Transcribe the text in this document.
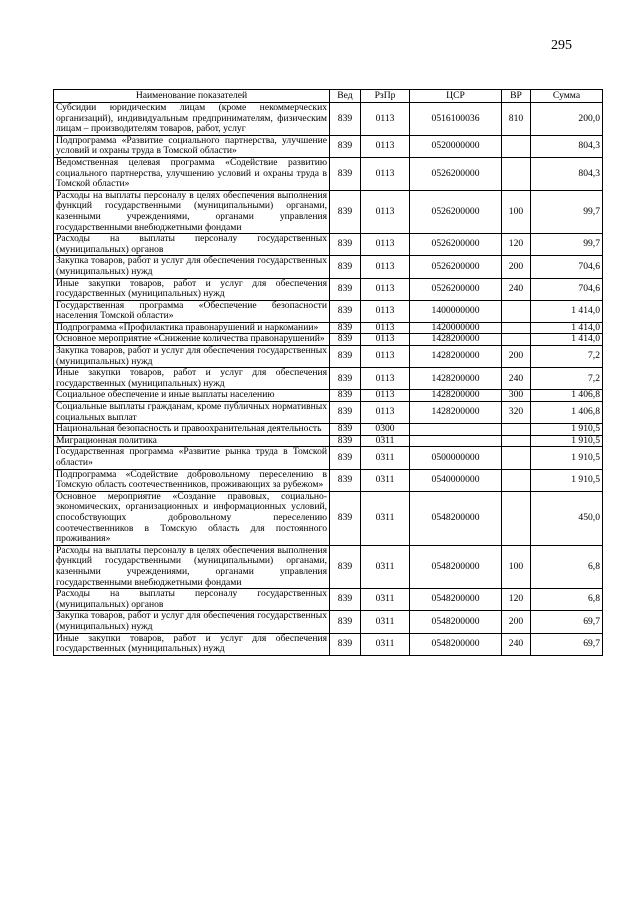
295
Наименование показателей	Вед	РзПр	ЦСР	ВР	Сумма
Субсидии юридическим лицам (кроме некоммерческих организаций), индивидуальным предпринимателям, физическим лицам – производителям товаров, работ, услуг	839	0113	0516100036	810	200,0
Подпрограмма «Развитие социального партнерства, улучшение условий и охраны труда в Томской области»	839	0113	0520000000		804,3
Ведомственная целевая программа «Содействие развитию социального партнерства, улучшению условий и охраны труда в Томской области»	839	0113	0526200000		804,3
Расходы на выплаты персоналу в целях обеспечения выполнения функций государственными (муниципальными) органами, казенными учреждениями, органами управления государственными внебюджетными фондами	839	0113	0526200000	100	99,7
Расходы на выплаты персоналу государственных (муниципальных) органов	839	0113	0526200000	120	99,7
Закупка товаров, работ и услуг для обеспечения государственных (муниципальных) нужд	839	0113	0526200000	200	704,6
Иные закупки товаров, работ и услуг для обеспечения государственных (муниципальных) нужд	839	0113	0526200000	240	704,6
Государственная программа «Обеспечение безопасности населения Томской области»	839	0113	1400000000		1 414,0
Подпрограмма «Профилактика правонарушений и наркомании»	839	0113	1420000000		1 414,0
Основное мероприятие «Снижение количества правонарушений»	839	0113	1428200000		1 414,0
Закупка товаров, работ и услуг для обеспечения государственных (муниципальных) нужд	839	0113	1428200000	200	7,2
Иные закупки товаров, работ и услуг для обеспечения государственных (муниципальных) нужд	839	0113	1428200000	240	7,2
Социальное обеспечение и иные выплаты населению	839	0113	1428200000	300	1 406,8
Социальные выплаты гражданам, кроме публичных нормативных социальных выплат	839	0113	1428200000	320	1 406,8
Национальная безопасность и правоохранительная деятельность	839	0300			1 910,5
Миграционная политика	839	0311			1 910,5
Государственная программа «Развитие рынка труда в Томской области»	839	0311	0500000000		1 910,5
Подпрограмма «Содействие добровольному переселению в Томскую область соотечественников, проживающих за рубежом»	839	0311	0540000000		1 910,5
Основное мероприятие «Создание правовых, социально-экономических, организационных и информационных условий, способствующих добровольному переселению соотечественников в Томскую область для постоянного проживания»	839	0311	0548200000		450,0
Расходы на выплаты персоналу в целях обеспечения выполнения функций государственными (муниципальными) органами, казенными учреждениями, органами управления государственными внебюджетными фондами	839	0311	0548200000	100	6,8
Расходы на выплаты персоналу государственных (муниципальных) органов	839	0311	0548200000	120	6,8
Закупка товаров, работ и услуг для обеспечения государственных (муниципальных) нужд	839	0311	0548200000	200	69,7
Иные закупки товаров, работ и услуг для обеспечения государственных (муниципальных) нужд	839	0311	0548200000	240	69,7
